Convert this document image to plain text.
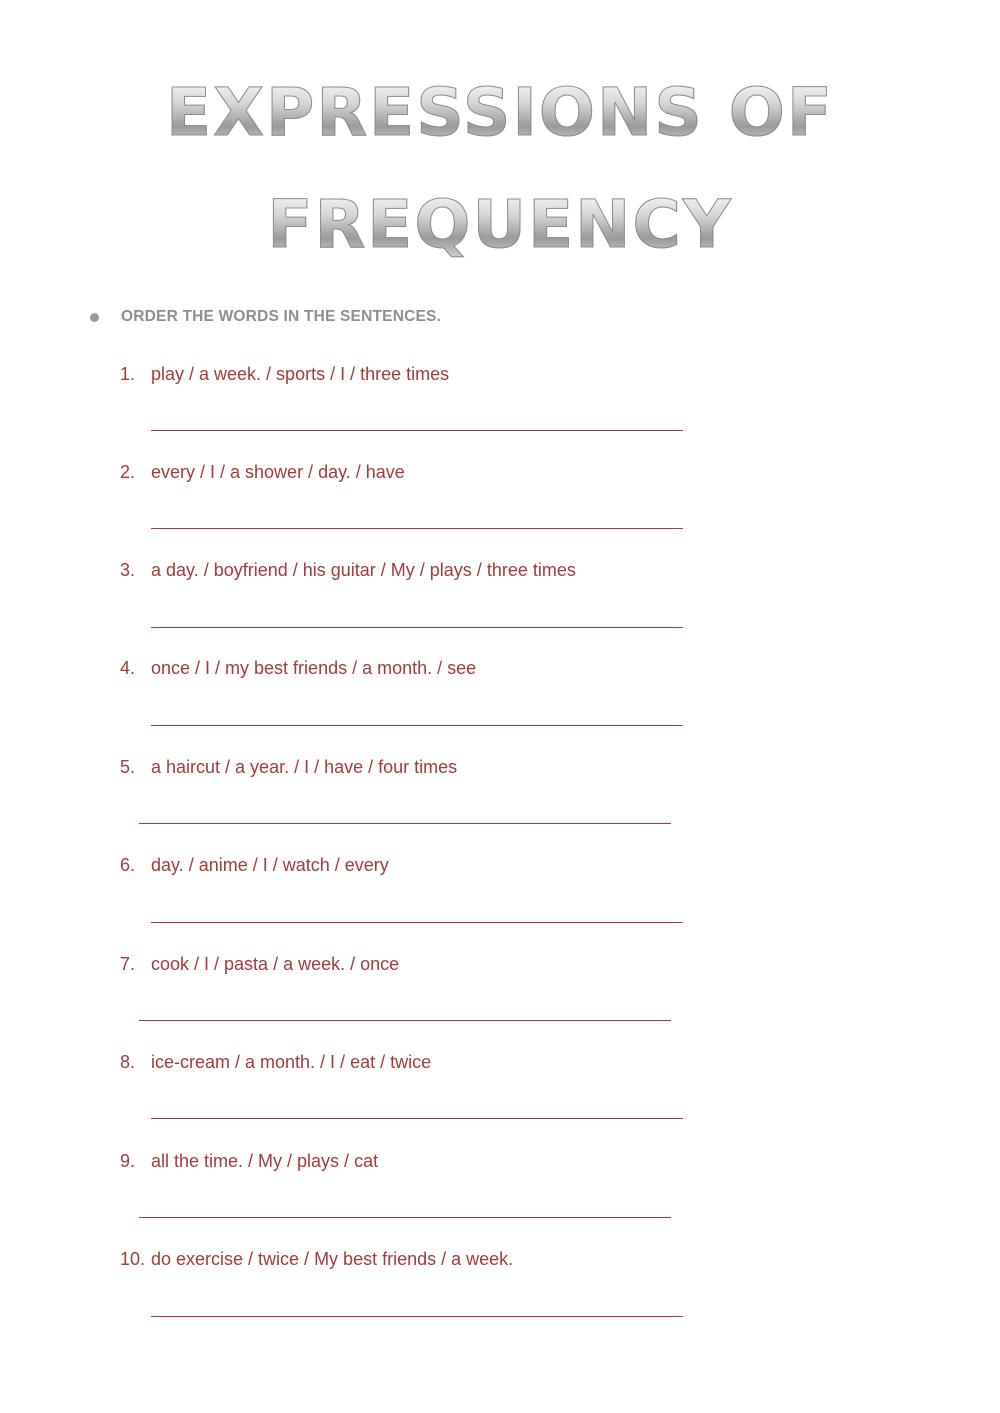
EXPRESSIONS OF
FREQUENCY
ORDER THE WORDS IN THE SENTENCES.
1. play / a week. / sports / I / three times
2. every / I / a shower / day. / have
3. a day. / boyfriend / his guitar / My / plays / three times
4. once / I / my best friends / a month. / see
5. a haircut / a year. / I / have / four times
6. day. / anime / I / watch / every
7. cook / I / pasta / a week. / once
8. ice-cream / a month. / I / eat / twice
9. all the time. / My / plays / cat
10. do exercise / twice / My best friends / a week.
